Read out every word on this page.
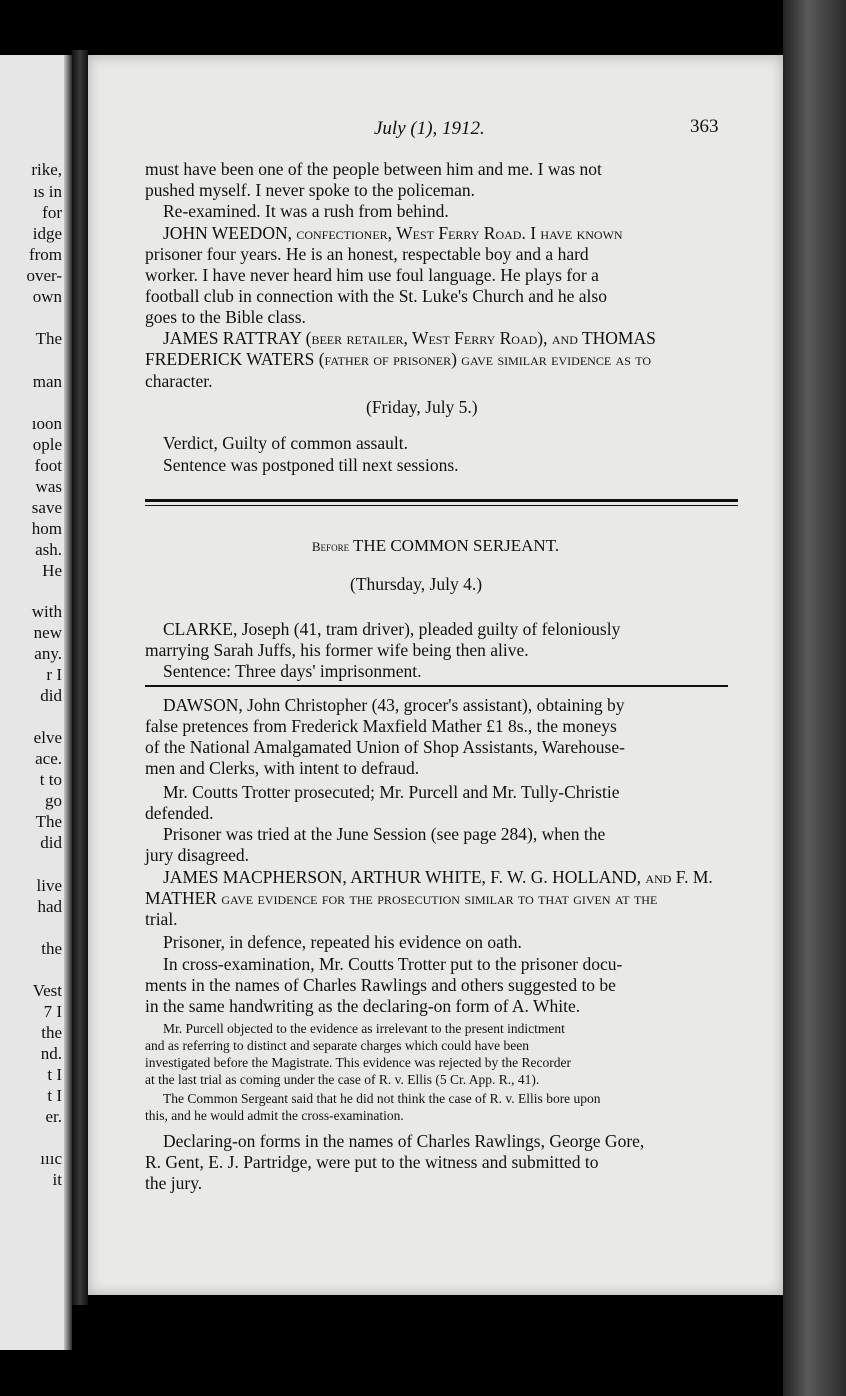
rike,
ıs in
for
idge
from
over-
own
The
man
ıoon
ople
foot
was
save
hom
ash.
He
with
new
any.
r I
did
elve
ace.
t to
go
The
did
live
had
the
Vest
7 I
the
nd.
t I
t I
er.
ıııc
it
July (1), 1912.	363
must have been one of the people between him and me. I was not
pushed myself. I never spoke to the policeman.
Re-examined. It was a rush from behind.
JOHN WEEDON, confectioner, West Ferry Road. I have known
prisoner four years. He is an honest, respectable boy and a hard
worker. I have never heard him use foul language. He plays for a
football club in connection with the St. Luke's Church and he also
goes to the Bible class.
JAMES RATTRAY (beer retailer, West Ferry Road), and THOMAS
FREDERICK WATERS (father of prisoner) gave similar evidence as to
character.
(Friday, July 5.)
Verdict, Guilty of common assault.
Sentence was postponed till next sessions.
Before THE COMMON SERJEANT.
(Thursday, July 4.)
CLARKE, Joseph (41, tram driver), pleaded guilty of feloniously
marrying Sarah Juffs, his former wife being then alive.
Sentence: Three days' imprisonment.
DAWSON, John Christopher (43, grocer's assistant), obtaining by
false pretences from Frederick Maxfield Mather £1 8s., the moneys
of the National Amalgamated Union of Shop Assistants, Warehouse-
men and Clerks, with intent to defraud.
Mr. Coutts Trotter prosecuted; Mr. Purcell and Mr. Tully-Christie
defended.
Prisoner was tried at the June Session (see page 284), when the
jury disagreed.
JAMES MACPHERSON, ARTHUR WHITE, F. W. G. HOLLAND, and F. M.
MATHER gave evidence for the prosecution similar to that given at the
trial.
Prisoner, in defence, repeated his evidence on oath.
In cross-examination, Mr. Coutts Trotter put to the prisoner docu-
ments in the names of Charles Rawlings and others suggested to be
in the same handwriting as the declaring-on form of A. White.
Mr. Purcell objected to the evidence as irrelevant to the present indictment
and as referring to distinct and separate charges which could have been
investigated before the Magistrate. This evidence was rejected by the Recorder
at the last trial as coming under the case of R. v. Ellis (5 Cr. App. R., 41).
The Common Sergeant said that he did not think the case of R. v. Ellis bore upon
this, and he would admit the cross-examination.
Declaring-on forms in the names of Charles Rawlings, George Gore,
R. Gent, E. J. Partridge, were put to the witness and submitted to
the jury.
